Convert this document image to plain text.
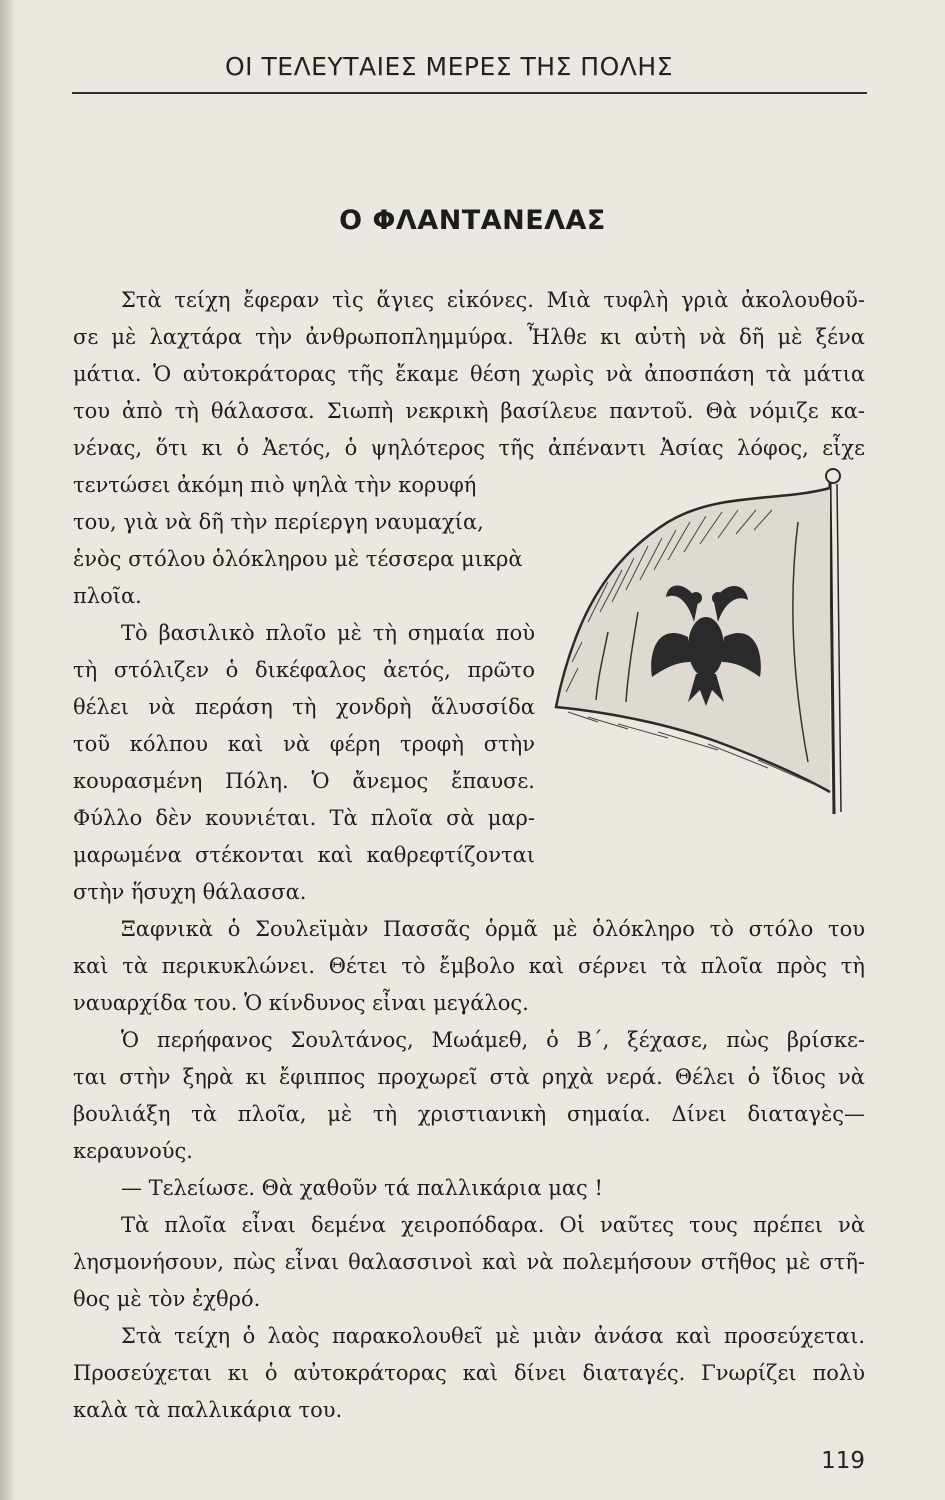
ΟΙ ΤΕΛΕΥΤΑΙΕΣ ΜΕΡΕΣ ΤΗΣ ΠΟΛΗΣ
Ο ΦΛΑΝΤΑΝΕΛΑΣ
Στὰ τείχη ἔφεραν τὶς ἅγιες εἰκόνες. Μιὰ τυφλὴ γριὰ ἀκολουθοῦ-
σε μὲ λαχτάρα τὴν ἀνθρωποπλημμύρα. Ἦλθε κι αὐτὴ νὰ δῆ μὲ ξένα
μάτια. Ὁ αὐτοκράτορας τῆς ἔκαμε θέση χωρὶς νὰ ἀποσπάση τὰ μάτια
του ἀπὸ τὴ θάλασσα. Σιωπὴ νεκρικὴ βασίλευε παντοῦ. Θὰ νόμιζε κα-
νένας, ὅτι κι ὁ Ἀετός, ὁ ψηλότερος τῆς ἀπέναντι Ἀσίας λόφος, εἶχε
τεντώσει ἀκόμη πιὸ ψηλὰ τὴν κορυφή
του, γιὰ νὰ δῆ τὴν περίεργη ναυμαχία,
ἑνὸς στόλου ὁλόκληρου μὲ τέσσερα μικρὰ
πλοῖα.
Τὸ βασιλικὸ πλοῖο μὲ τὴ σημαία ποὺ
τὴ στόλιζεν ὁ δικέφαλος ἀετός, πρῶτο
θέλει νὰ περάση τὴ χονδρὴ ἅλυσσίδα
τοῦ κόλπου καὶ νὰ φέρη τροφὴ στὴν
κουρασμένη Πόλη. Ὁ ἄνεμος ἔπαυσε.
Φύλλο δὲν κουνιέται. Τὰ πλοῖα σὰ μαρ-
μαρωμένα στέκονται καὶ καθρεφτίζονται
στὴν ἥσυχη θάλασσα.
Ξαφνικὰ ὁ Σουλεϊμὰν Πασσᾶς ὁρμᾶ μὲ ὁλόκληρο τὸ στόλο του
καὶ τὰ περικυκλώνει. Θέτει τὸ ἔμβολο καὶ σέρνει τὰ πλοῖα πρὸς τὴ
ναυαρχίδα του. Ὁ κίνδυνος εἶναι μεγάλος.
Ὁ περήφανος Σουλτάνος, Μωάμεθ, ὁ Β΄, ξέχασε, πὼς βρίσκε-
ται στὴν ξηρὰ κι ἔφιππος προχωρεῖ στὰ ρηχὰ νερά. Θέλει ὁ ἴδιος νὰ
βουλιάξη τὰ πλοῖα, μὲ τὴ χριστιανικὴ σημαία. Δίνει διαταγὲς—
κεραυνούς.
— Τελείωσε. Θὰ χαθοῦν τά παλλικάρια μας !
Τὰ πλοῖα εἶναι δεμένα χειροπόδαρα. Οἱ ναῦτες τους πρέπει νὰ
λησμονήσουν, πὼς εἶναι θαλασσινοὶ καὶ νὰ πολεμήσουν στῆθος μὲ στῆ-
θος μὲ τὸν ἐχθρό.
Στὰ τείχη ὁ λαὸς παρακολουθεῖ μὲ μιὰν ἀνάσα καὶ προσεύχεται.
Προσεύχεται κι ὁ αὐτοκράτορας καὶ δίνει διαταγές. Γνωρίζει πολὺ
καλὰ τὰ παλλικάρια του.
119
